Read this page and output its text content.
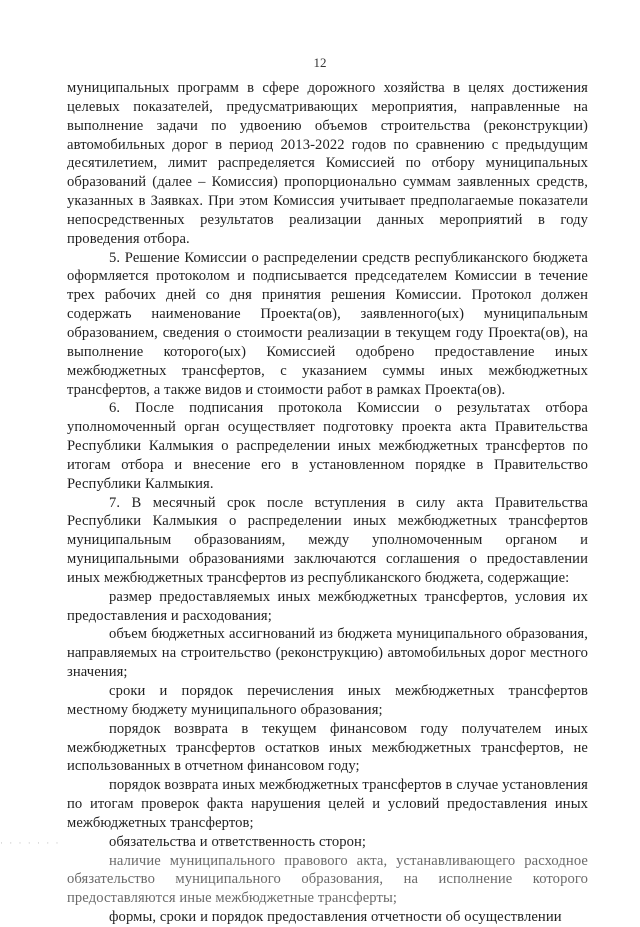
12

муниципальных программ в сфере дорожного хозяйства в целях достижения целевых показателей, предусматривающих мероприятия, направленные на выполнение задачи по удвоению объемов строительства (реконструкции) автомобильных дорог в период 2013-2022 годов по сравнению с предыдущим десятилетием, лимит распределяется Комиссией по отбору муниципальных образований (далее – Комиссия) пропорционально суммам заявленных средств, указанных в Заявках. При этом Комиссия учитывает предполагаемые показатели непосредственных результатов реализации данных мероприятий в году проведения отбора.

5. Решение Комиссии о распределении средств республиканского бюджета оформляется протоколом и подписывается председателем Комиссии в течение трех рабочих дней со дня принятия решения Комиссии. Протокол должен содержать наименование Проекта(ов), заявленного(ых) муниципальным образованием, сведения о стоимости реализации в текущем году Проекта(ов), на выполнение которого(ых) Комиссией одобрено предоставление иных межбюджетных трансфертов, с указанием суммы иных межбюджетных трансфертов, а также видов и стоимости работ в рамках Проекта(ов).

6. После подписания протокола Комиссии о результатах отбора уполномоченный орган осуществляет подготовку проекта акта Правительства Республики Калмыкия о распределении иных межбюджетных трансфертов по итогам отбора и внесение его в установленном порядке в Правительство Республики Калмыкия.

7. В месячный срок после вступления в силу акта Правительства Республики Калмыкия о распределении иных межбюджетных трансфертов муниципальным образованиям, между уполномоченным органом и муниципальными образованиями заключаются соглашения о предоставлении иных межбюджетных трансфертов из республиканского бюджета, содержащие:

размер предоставляемых иных межбюджетных трансфертов, условия их предоставления и расходования;

объем бюджетных ассигнований из бюджета муниципального образования, направляемых на строительство (реконструкцию) автомобильных дорог местного значения;

сроки и порядок перечисления иных межбюджетных трансфертов местному бюджету муниципального образования;

порядок возврата в текущем финансовом году получателем иных межбюджетных трансфертов остатков иных межбюджетных трансфертов, не использованных в отчетном финансовом году;

порядок возврата иных межбюджетных трансфертов в случае установления по итогам проверок факта нарушения целей и условий предоставления иных межбюджетных трансфертов;

обязательства и ответственность сторон;

наличие муниципального правового акта, устанавливающего расходное обязательство муниципального образования, на исполнение которого предоставляются иные межбюджетные трансферты;

формы, сроки и порядок предоставления отчетности об осуществлении

· · · · · · ·
